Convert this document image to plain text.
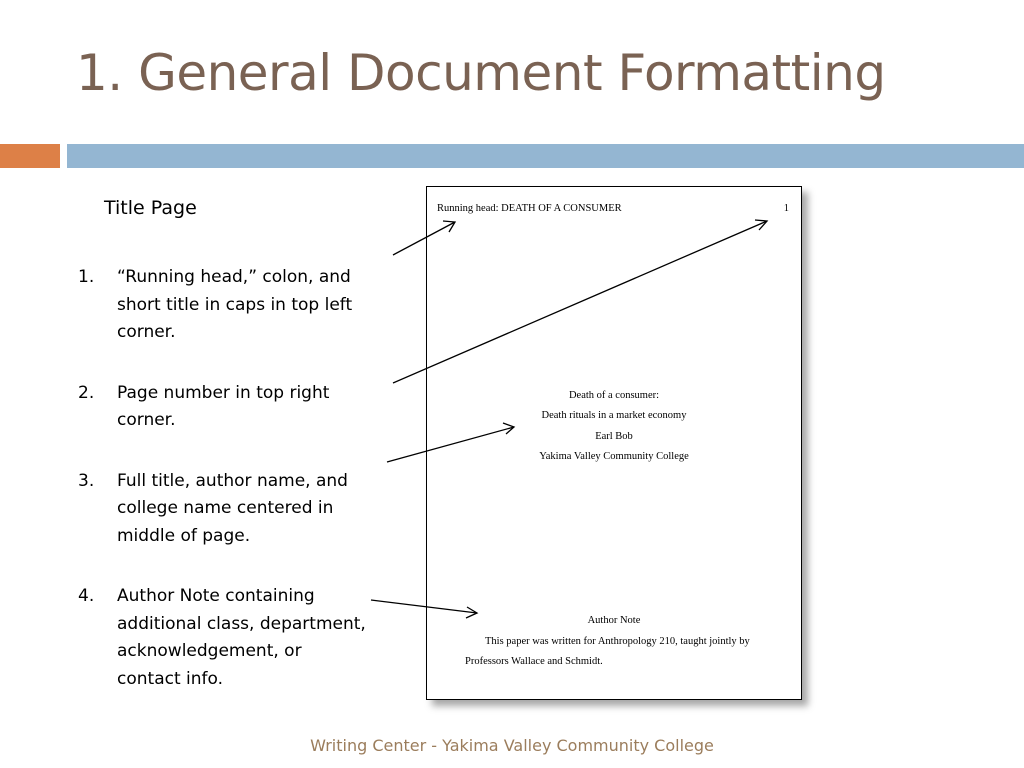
1. General Document Formatting
Title Page
1.	“Running head,” colon, and short title in caps in top left corner.
2.	Page number in top right corner.
3.	Full title, author name, and college name centered in middle of page.
4.	Author Note containing additional class, department, acknowledgement, or contact info.
Running head: DEATH OF A CONSUMER	1
Death of a consumer:
Death rituals in a market economy
Earl Bob
Yakima Valley Community College
Author Note
This paper was written for Anthropology 210, taught jointly by
Professors Wallace and Schmidt.
Writing Center - Yakima Valley Community College
